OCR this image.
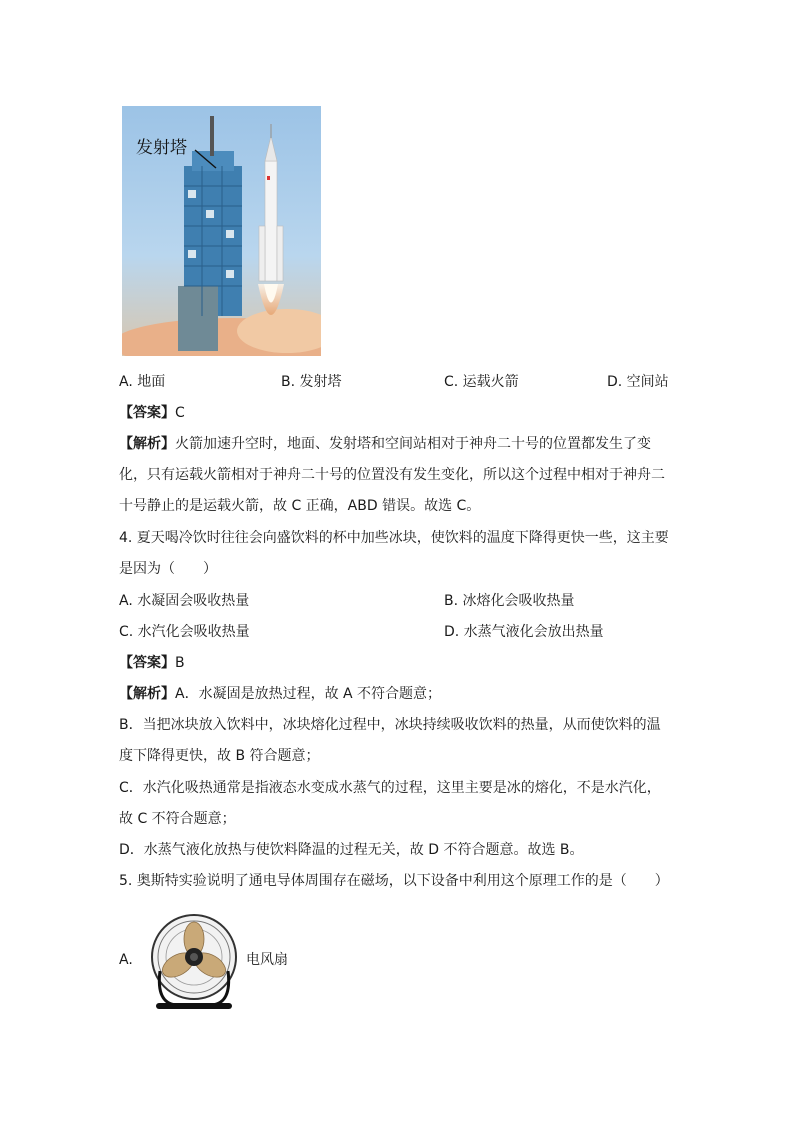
发射塔
A. 地面	B. 发射塔	C. 运载火箭	D. 空间站
【答案】C
【解析】火箭加速升空时，地面、发射塔和空间站相对于神舟二十号的位置都发生了变
化，只有运载火箭相对于神舟二十号的位置没有发生变化，所以这个过程中相对于神舟二
十号静止的是运载火箭，故 C 正确，ABD 错误。故选 C。
4. 夏天喝冷饮时往往会向盛饮料的杯中加些冰块，使饮料的温度下降得更快一些，这主要
是因为（　　）
A. 水凝固会吸收热量	B. 冰熔化会吸收热量
C. 水汽化会吸收热量	D. 水蒸气液化会放出热量
【答案】B
【解析】A．水凝固是放热过程，故 A 不符合题意；
B．当把冰块放入饮料中，冰块熔化过程中，冰块持续吸收饮料的热量，从而使饮料的温
度下降得更快，故 B 符合题意；
C．水汽化吸热通常是指液态水变成水蒸气的过程，这里主要是冰的熔化，不是水汽化，
故 C 不符合题意；
D．水蒸气液化放热与使饮料降温的过程无关，故 D 不符合题意。故选 B。
5. 奥斯特实验说明了通电导体周围存在磁场，以下设备中利用这个原理工作的是（　　）
A.	电风扇
